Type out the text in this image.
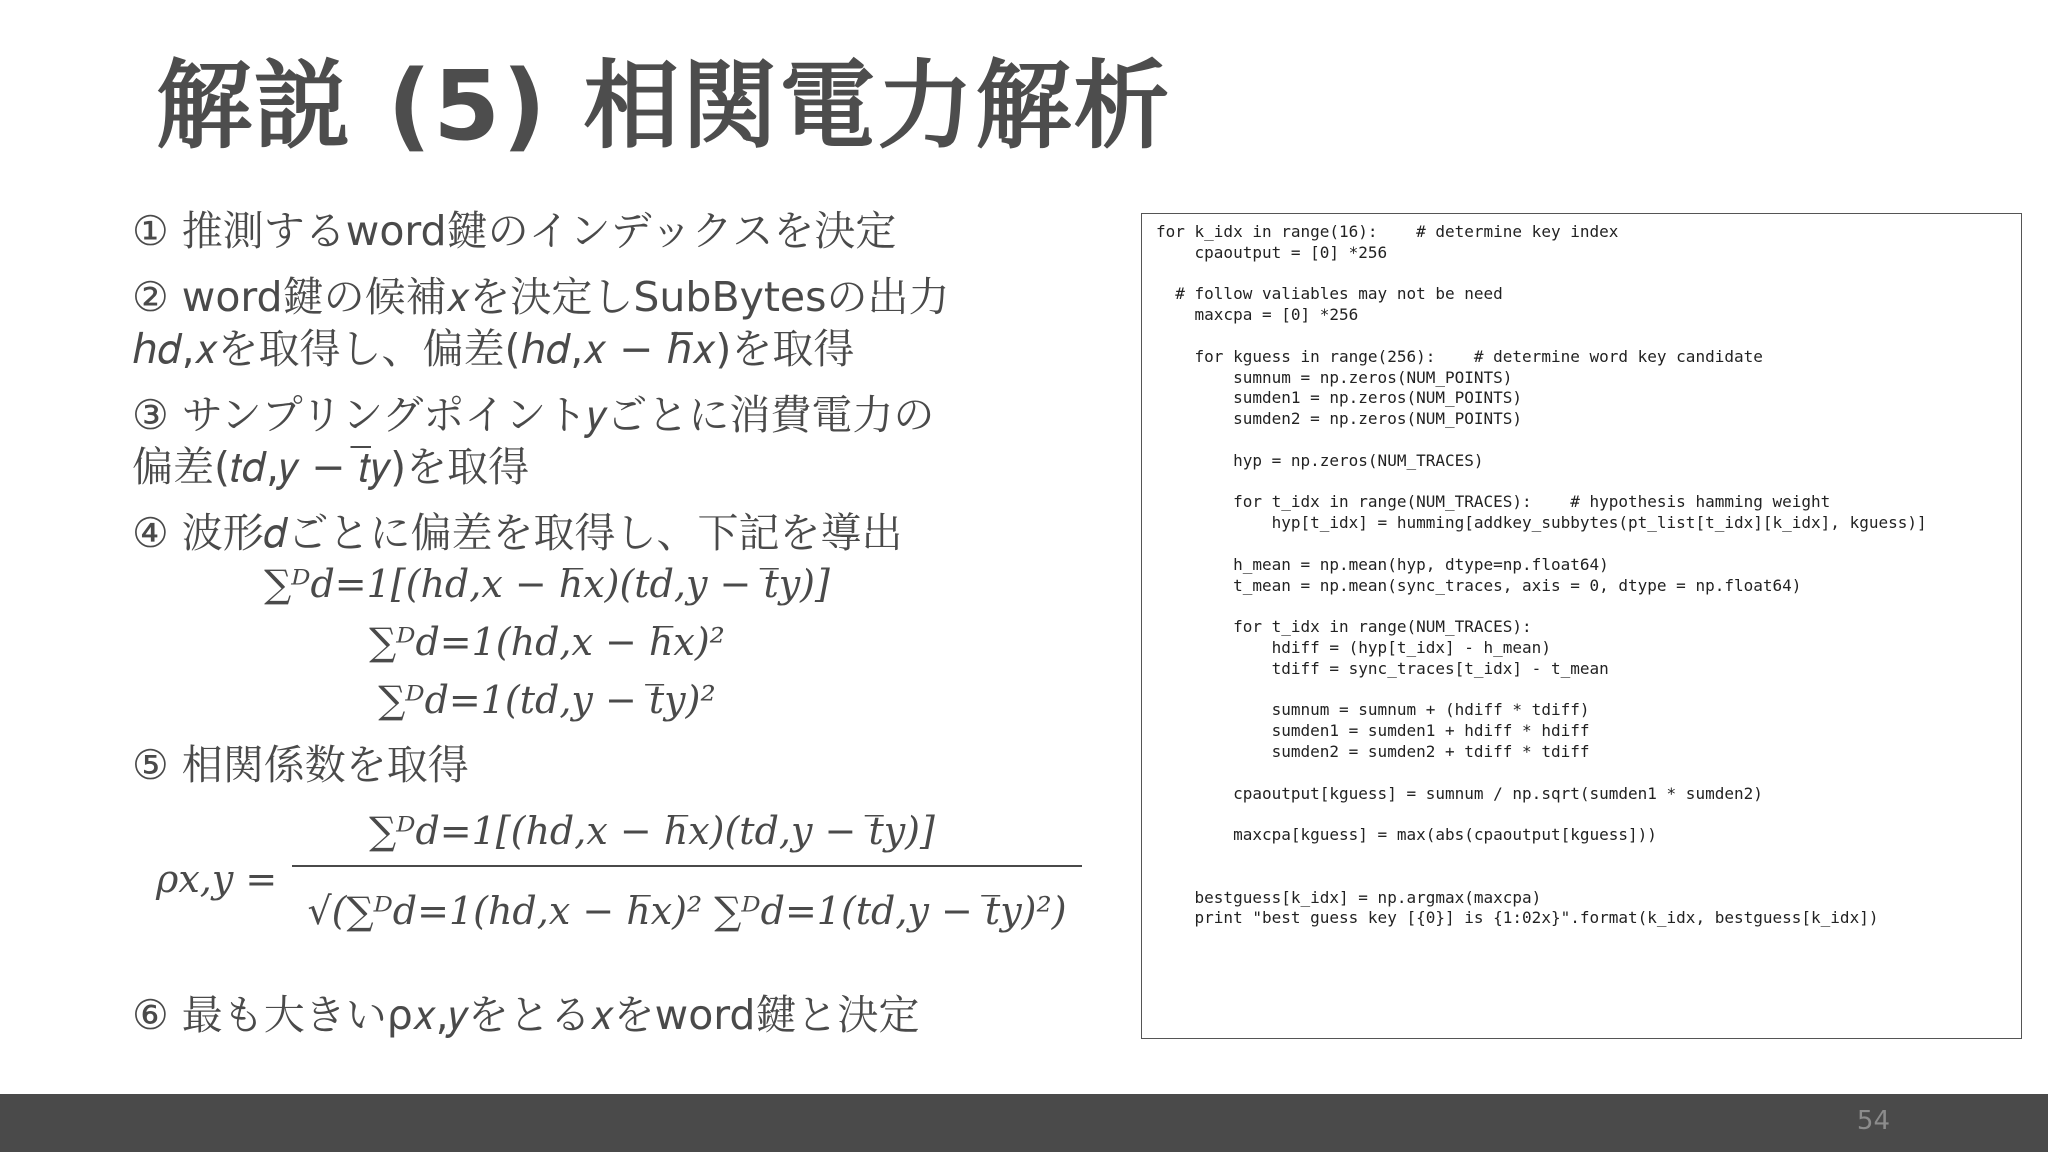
解説 (5) 相関電力解析
① 推測するword鍵のインデックスを決定
② word鍵の候補𝑥を決定しSubBytesの出力ℎ𝑑,𝑥を取得し、偏差(ℎ𝑑,𝑥 − ℎ̅𝑥)を取得
③ サンプリングポイント𝑦ごとに消費電力の偏差(𝑡𝑑,𝑦 − 𝑡̅𝑦)を取得
④ 波形𝑑ごとに偏差を取得し、下記を導出
∑ᴰ𝑑=1[(ℎ𝑑,𝑥 − ℎ̅𝑥)(𝑡𝑑,𝑦 − 𝑡̅𝑦)]
∑ᴰ𝑑=1(ℎ𝑑,𝑥 − ℎ̅𝑥)²
∑ᴰ𝑑=1(𝑡𝑑,𝑦 − 𝑡̅𝑦)²
⑤ 相関係数を取得
ρ𝑥,𝑦 =
∑ᴰ𝑑=1[(ℎ𝑑,𝑥 − ℎ̅𝑥)(𝑡𝑑,𝑦 − 𝑡̅𝑦)]
√(∑ᴰ𝑑=1(ℎ𝑑,𝑥 − ℎ̅𝑥)² ∑ᴰ𝑑=1(𝑡𝑑,𝑦 − 𝑡̅𝑦)²)
⑥ 最も大きいρ𝑥,𝑦をとる𝑥をword鍵と決定
for k_idx in range(16):    # determine key index
cpaoutput = [0] *256
# follow valiables may not be need
maxcpa = [0] *256
for kguess in range(256):    # determine word key candidate
sumnum = np.zeros(NUM_POINTS)
sumden1 = np.zeros(NUM_POINTS)
sumden2 = np.zeros(NUM_POINTS)
hyp = np.zeros(NUM_TRACES)
for t_idx in range(NUM_TRACES):    # hypothesis hamming weight
hyp[t_idx] = humming[addkey_subbytes(pt_list[t_idx][k_idx], kguess)]
h_mean = np.mean(hyp, dtype=np.float64)
t_mean = np.mean(sync_traces, axis = 0, dtype = np.float64)
for t_idx in range(NUM_TRACES):
hdiff = (hyp[t_idx] - h_mean)
tdiff = sync_traces[t_idx] - t_mean
sumnum = sumnum + (hdiff * tdiff)
sumden1 = sumden1 + hdiff * hdiff
sumden2 = sumden2 + tdiff * tdiff
cpaoutput[kguess] = sumnum / np.sqrt(sumden1 * sumden2)
maxcpa[kguess] = max(abs(cpaoutput[kguess]))
bestguess[k_idx] = np.argmax(maxcpa)
print "best guess key [{0}] is {1:02x}".format(k_idx, bestguess[k_idx])
54
